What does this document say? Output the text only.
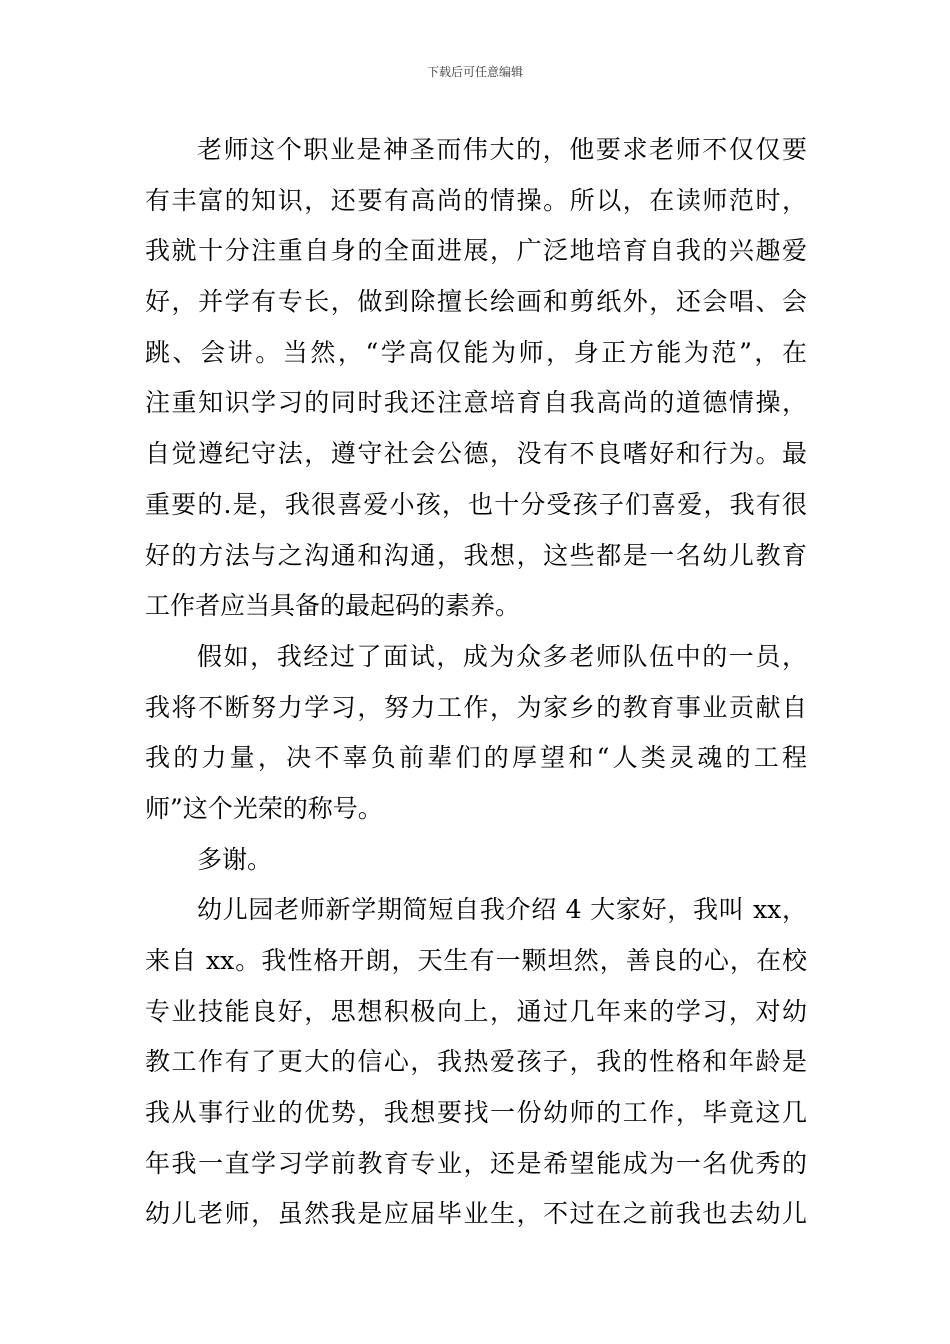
下载后可任意编辑
老师这个职业是神圣而伟大的，他要求老师不仅仅要
有丰富的知识，还要有高尚的情操。所以，在读师范时，
我就十分注重自身的全面进展，广泛地培育自我的兴趣爱
好，并学有专长，做到除擅长绘画和剪纸外，还会唱、会
跳、会讲。当然，“学高仅能为师，身正方能为范”，在
注重知识学习的同时我还注意培育自我高尚的道德情操，
自觉遵纪守法，遵守社会公德，没有不良嗜好和行为。最
重要的.是，我很喜爱小孩，也十分受孩子们喜爱，我有很
好的方法与之沟通和沟通，我想，这些都是一名幼儿教育
工作者应当具备的最起码的素养。
假如，我经过了面试，成为众多老师队伍中的一员，
我将不断努力学习，努力工作，为家乡的教育事业贡献自
我的力量，决不辜负前辈们的厚望和“人类灵魂的工程
师”这个光荣的称号。
多谢。
幼儿园老师新学期简短自我介绍 4 大家好，我叫 xx，
来自 xx。我性格开朗，天生有一颗坦然，善良的心，在校
专业技能良好，思想积极向上，通过几年来的学习，对幼
教工作有了更大的信心，我热爱孩子，我的性格和年龄是
我从事行业的优势，我想要找一份幼师的工作，毕竟这几
年我一直学习学前教育专业，还是希望能成为一名优秀的
幼儿老师，虽然我是应届毕业生，不过在之前我也去幼儿
